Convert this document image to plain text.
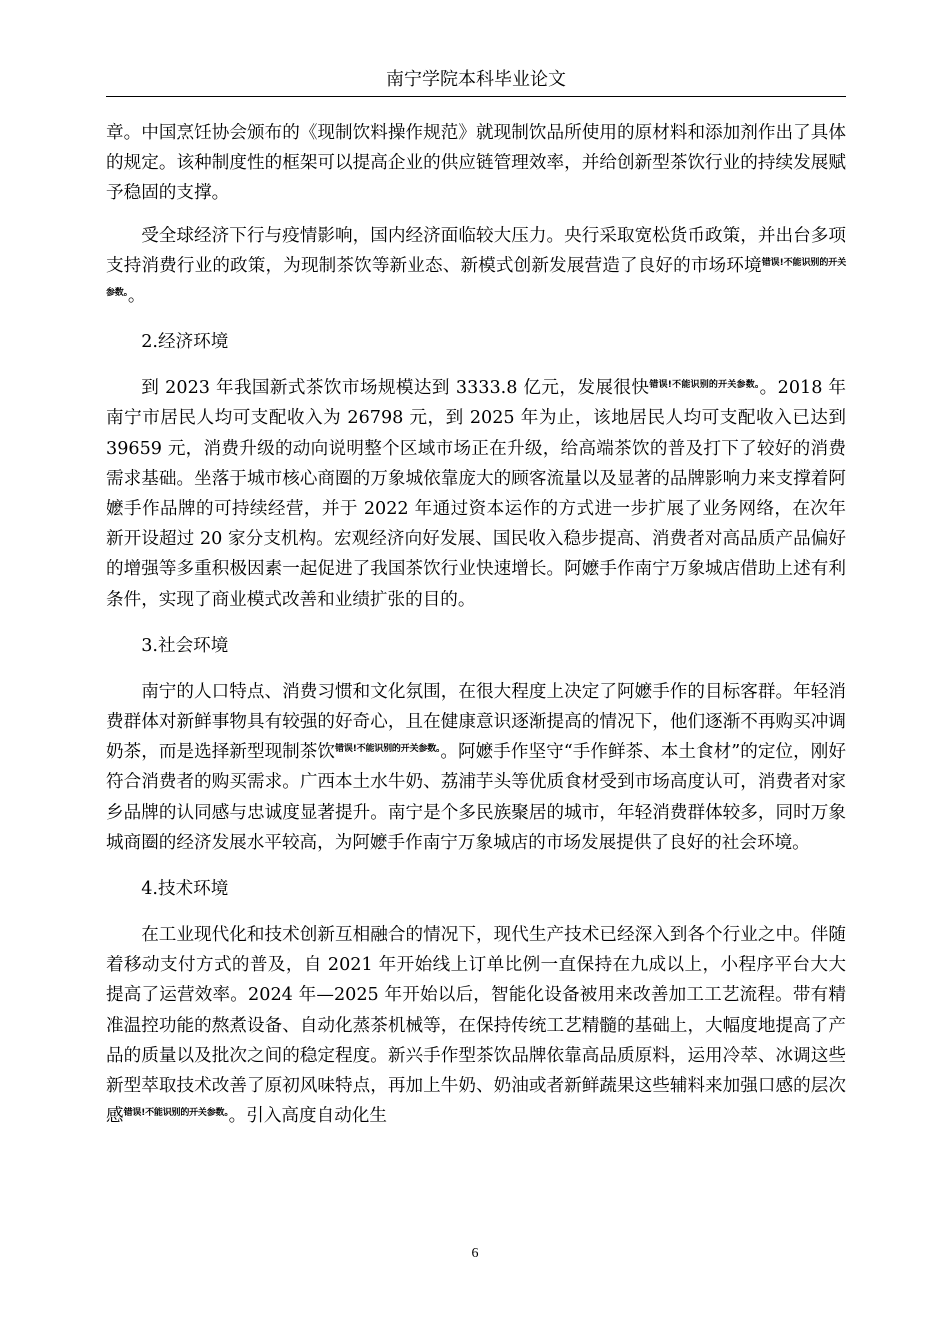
南宁学院本科毕业论文

章。中国烹饪协会颁布的《现制饮料操作规范》就现制饮品所使用的原材料和添加剂作出了具体的规定。该种制度性的框架可以提高企业的供应链管理效率，并给创新型茶饮行业的持续发展赋予稳固的支撑。

受全球经济下行与疫情影响，国内经济面临较大压力。央行采取宽松货币政策，并出台多项支持消费行业的政策，为现制茶饮等新业态、新模式创新发展营造了良好的市场环境$^{错误!不能识别的开关参数。}$。

2.经济环境

到 2023 年我国新式茶饮市场规模达到 3333.8 亿元，发展很快$^{错误!不能识别的开关参数。}$。2018 年南宁市居民人均可支配收入为 26798 元，到 2025 年为止，该地居民人均可支配收入已达到 39659 元，消费升级的动向说明整个区域市场正在升级，给高端茶饮的普及打下了较好的消费需求基础。坐落于城市核心商圈的万象城依靠庞大的顾客流量以及显著的品牌影响力来支撑着阿嬷手作品牌的可持续经营，并于 2022 年通过资本运作的方式进一步扩展了业务网络，在次年新开设超过 20 家分支机构。宏观经济向好发展、国民收入稳步提高、消费者对高品质产品偏好的增强等多重积极因素一起促进了我国茶饮行业快速增长。阿嬷手作南宁万象城店借助上述有利条件，实现了商业模式改善和业绩扩张的目的。

3.社会环境

南宁的人口特点、消费习惯和文化氛围，在很大程度上决定了阿嬷手作的目标客群。年轻消费群体对新鲜事物具有较强的好奇心，且在健康意识逐渐提高的情况下，他们逐渐不再购买冲调奶茶，而是选择新型现制茶饮$^{错误!不能识别的开关参数。}$。阿嬷手作坚守“手作鲜茶、本土食材”的定位，刚好符合消费者的购买需求。广西本土水牛奶、荔浦芋头等优质食材受到市场高度认可，消费者对家乡品牌的认同感与忠诚度显著提升。南宁是个多民族聚居的城市，年轻消费群体较多，同时万象城商圈的经济发展水平较高，为阿嬷手作南宁万象城店的市场发展提供了良好的社会环境。

4.技术环境

在工业现代化和技术创新互相融合的情况下，现代生产技术已经深入到各个行业之中。伴随着移动支付方式的普及，自 2021 年开始线上订单比例一直保持在九成以上，小程序平台大大提高了运营效率。2024 年—2025 年开始以后，智能化设备被用来改善加工工艺流程。带有精准温控功能的熬煮设备、自动化蒸茶机械等，在保持传统工艺精髓的基础上，大幅度地提高了产品的质量以及批次之间的稳定程度。新兴手作型茶饮品牌依靠高品质原料，运用冷萃、冰调这些新型萃取技术改善了原初风味特点，再加上牛奶、奶油或者新鲜蔬果这些辅料来加强口感的层次感$^{错误!不能识别的开关参数。}$。引入高度自动化生

6
